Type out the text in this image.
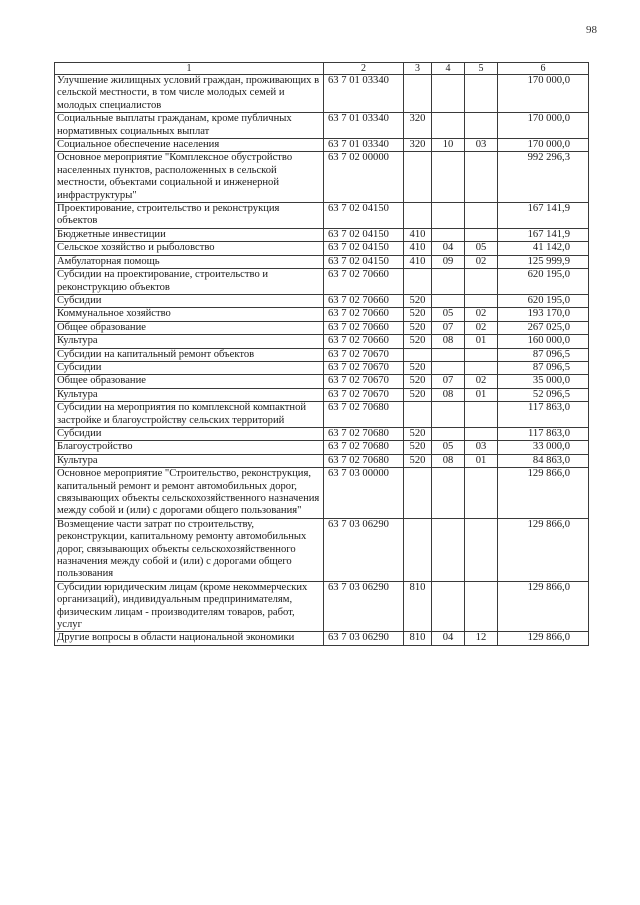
98
1	2	3	4	5	6
Улучшение жилищных условий граждан, проживающих в сельской местности, в том числе молодых семей и молодых специалистов	63 7 01 03340				170 000,0
Социальные выплаты гражданам, кроме публичных нормативных социальных выплат	63 7 01 03340	320			170 000,0
Социальное обеспечение населения	63 7 01 03340	320	10	03	170 000,0
Основное мероприятие "Комплексное обустройство населенных пунктов, расположенных в сельской местности, объектами социальной и инженерной инфраструктуры"	63 7 02 00000				992 296,3
Проектирование, строительство и реконструкция объектов	63 7 02 04150				167 141,9
Бюджетные инвестиции	63 7 02 04150	410			167 141,9
Сельское хозяйство и рыболовство	63 7 02 04150	410	04	05	41 142,0
Амбулаторная помощь	63 7 02 04150	410	09	02	125 999,9
Субсидии на проектирование, строительство и реконструкцию объектов	63 7 02 70660				620 195,0
Субсидии	63 7 02 70660	520			620 195,0
Коммунальное хозяйство	63 7 02 70660	520	05	02	193 170,0
Общее образование	63 7 02 70660	520	07	02	267 025,0
Культура	63 7 02 70660	520	08	01	160 000,0
Субсидии на капитальный ремонт объектов	63 7 02 70670				87 096,5
Субсидии	63 7 02 70670	520			87 096,5
Общее образование	63 7 02 70670	520	07	02	35 000,0
Культура	63 7 02 70670	520	08	01	52 096,5
Субсидии на мероприятия по комплексной компактной застройке и благоустройству сельских территорий	63 7 02 70680				117 863,0
Субсидии	63 7 02 70680	520			117 863,0
Благоустройство	63 7 02 70680	520	05	03	33 000,0
Культура	63 7 02 70680	520	08	01	84 863,0
Основное мероприятие "Строительство, реконструкция, капитальный ремонт и ремонт автомобильных дорог, связывающих объекты сельскохозяйственного назначения между собой и (или) с дорогами общего пользования"	63 7 03 00000				129 866,0
Возмещение части затрат по строительству, реконструкции, капитальному ремонту автомобильных дорог, связывающих объекты сельскохозяйственного назначения между собой и (или) с дорогами общего пользования	63 7 03 06290				129 866,0
Субсидии юридическим лицам (кроме некоммерческих организаций), индивидуальным предпринимателям, физическим лицам - производителям товаров, работ, услуг	63 7 03 06290	810			129 866,0
Другие вопросы в области национальной экономики	63 7 03 06290	810	04	12	129 866,0
